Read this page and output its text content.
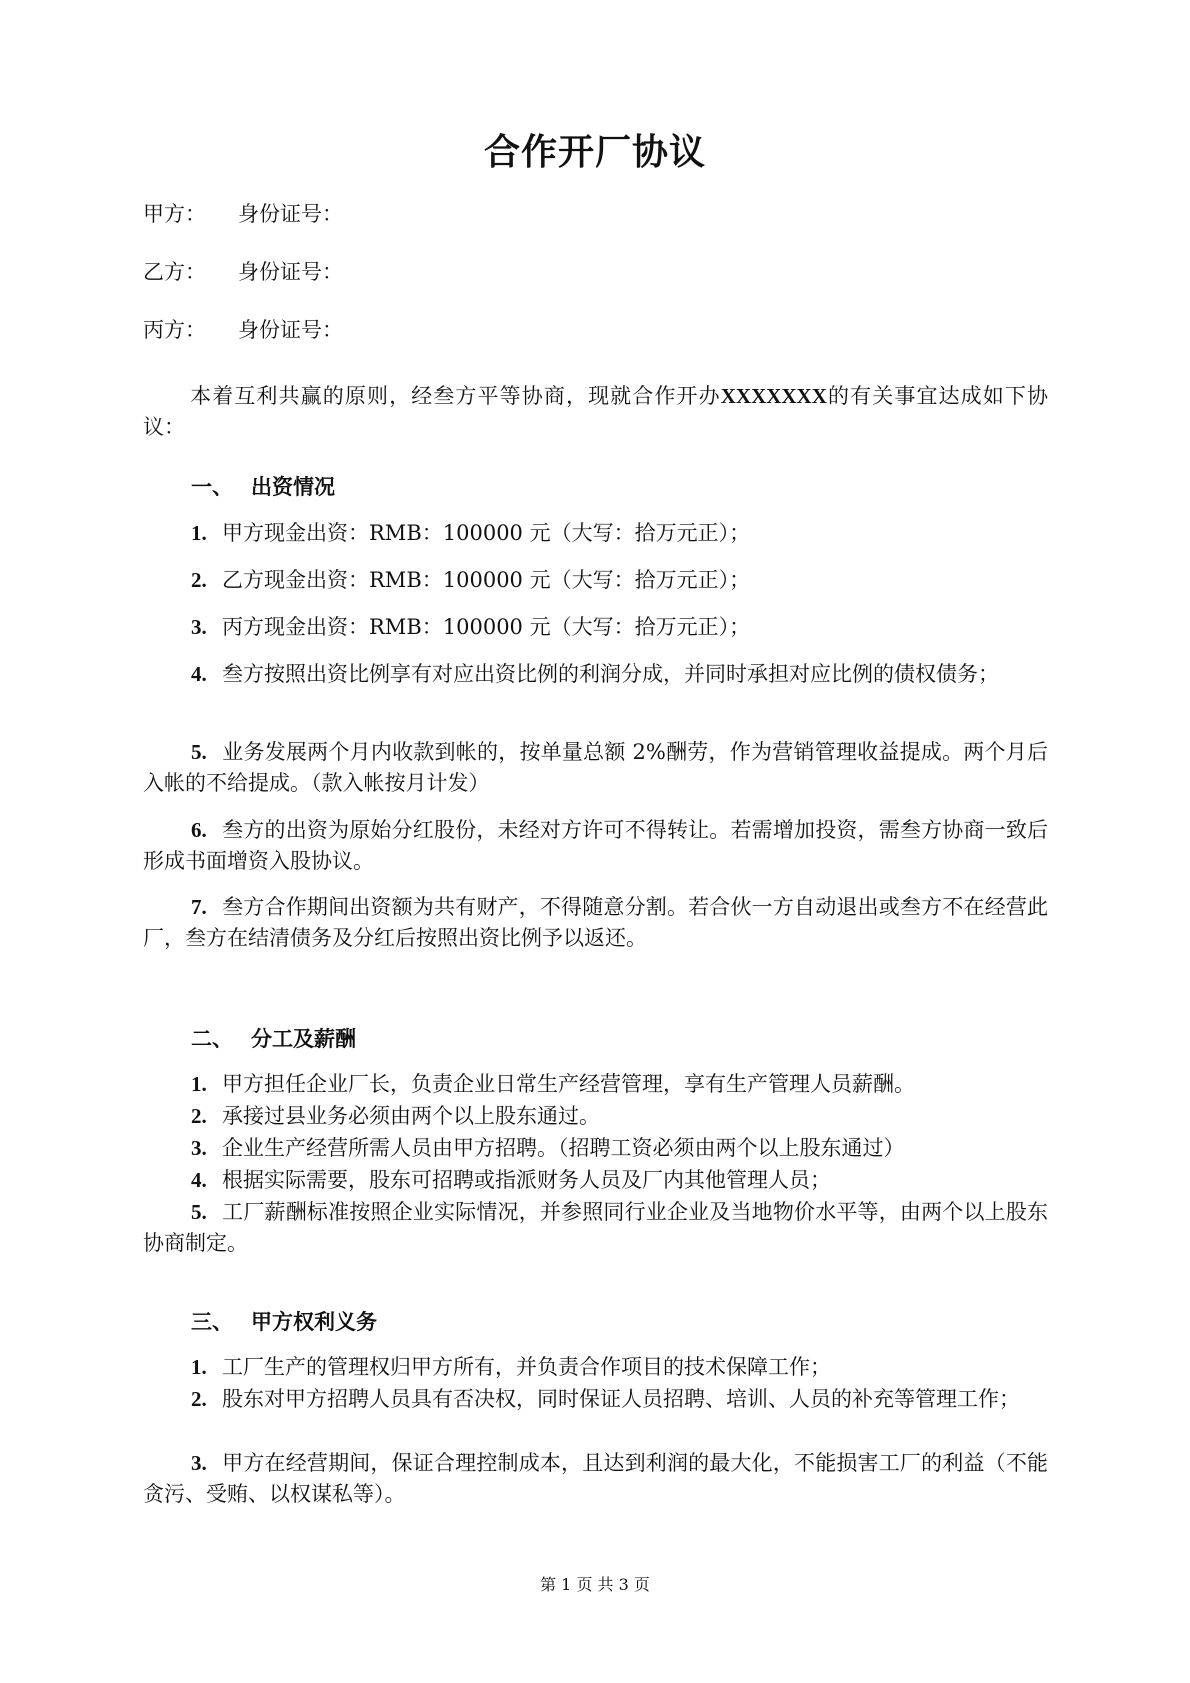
合作开厂协议
甲方： 身份证号：
乙方： 身份证号：
丙方： 身份证号：
本着互利共赢的原则，经叁方平等协商，现就合作开办XXXXXXX的有关事宜达成如下协议：
一、 出资情况
1. 甲方现金出资：RMB：100000 元（大写：拾万元正）；
2. 乙方现金出资：RMB：100000 元（大写：拾万元正）；
3. 丙方现金出资：RMB：100000 元（大写：拾万元正）；
4. 叁方按照出资比例享有对应出资比例的利润分成，并同时承担对应比例的债权债务；
5. 业务发展两个月内收款到帐的，按单量总额 2%酬劳，作为营销管理收益提成。两个月后入帐的不给提成。（款入帐按月计发）
6. 叁方的出资为原始分红股份，未经对方许可不得转让。若需增加投资，需叁方协商一致后形成书面增资入股协议。
7. 叁方合作期间出资额为共有财产，不得随意分割。若合伙一方自动退出或叁方不在经营此厂，叁方在结清债务及分红后按照出资比例予以返还。
二、 分工及薪酬
1. 甲方担任企业厂长，负责企业日常生产经营管理，享有生产管理人员薪酬。
2. 承接过县业务必须由两个以上股东通过。
3. 企业生产经营所需人员由甲方招聘。（招聘工资必须由两个以上股东通过）
4. 根据实际需要，股东可招聘或指派财务人员及厂内其他管理人员；
5. 工厂薪酬标准按照企业实际情况，并参照同行业企业及当地物价水平等，由两个以上股东协商制定。
三、 甲方权利义务
1. 工厂生产的管理权归甲方所有，并负责合作项目的技术保障工作；
2. 股东对甲方招聘人员具有否决权，同时保证人员招聘、培训、人员的补充等管理工作；
3. 甲方在经营期间，保证合理控制成本，且达到利润的最大化，不能损害工厂的利益（不能贪污、受贿、以权谋私等）。
第 1 页 共 3 页
